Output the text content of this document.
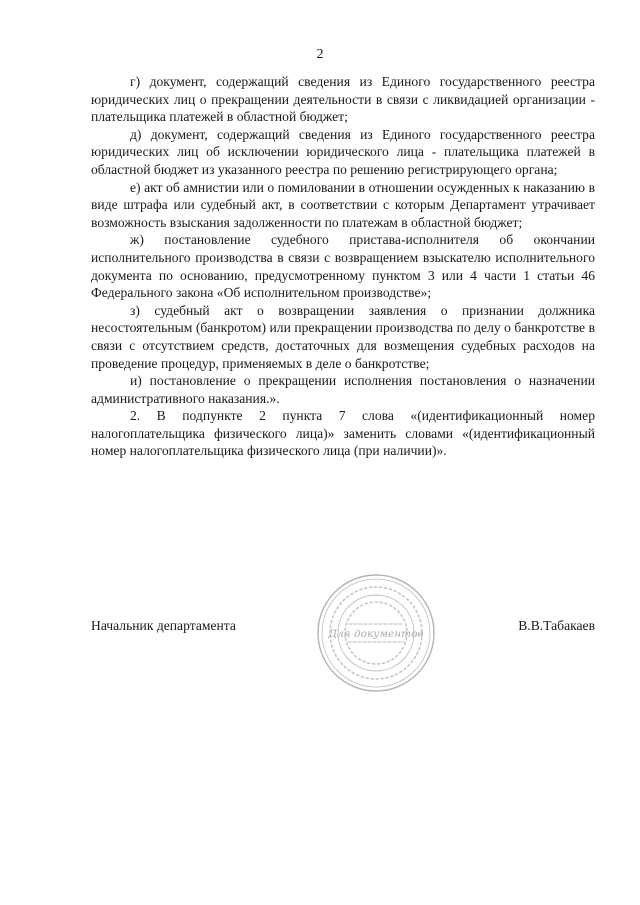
2

г) документ, содержащий сведения из Единого государственного реестра юридических лиц о прекращении деятельности в связи с ликвидацией организации - плательщика платежей в областной бюджет;

д) документ, содержащий сведения из Единого государственного реестра юридических лиц об исключении юридического лица - плательщика платежей в областной бюджет из указанного реестра по решению регистрирующего органа;

е) акт об амнистии или о помиловании в отношении осужденных к наказанию в виде штрафа или судебный акт, в соответствии с которым Департамент утрачивает возможность взыскания задолженности по платежам в областной бюджет;

ж) постановление судебного пристава-исполнителя об окончании исполнительного производства в связи с возвращением взыскателю исполнительного документа по основанию, предусмотренному пунктом 3 или 4 части 1 статьи 46 Федерального закона «Об исполнительном производстве»;

з) судебный акт о возвращении заявления о признании должника несостоятельным (банкротом) или прекращении производства по делу о банкротстве в связи с отсутствием средств, достаточных для возмещения судебных расходов на проведение процедур, применяемых в деле о банкротстве;

и) постановление о прекращении исполнения постановления о назначении административного наказания.».

2. В подпункте 2 пункта 7 слова «(идентификационный номер налогоплательщика физического лица)» заменить словами «(идентификационный номер налогоплательщика физического лица (при наличии)».

Для документов
Начальник департамента	В.В.Табакаев
